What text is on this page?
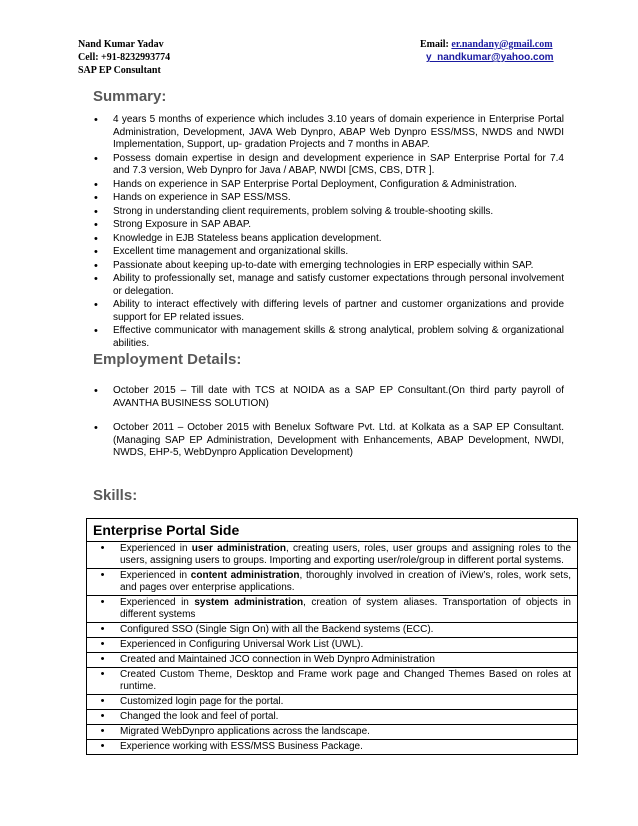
Nand Kumar Yadav
Cell: +91-8232993774
SAP EP Consultant
Email: er.nandany@gmail.com
y_nandkumar@yahoo.com
Summary:
• 4 years 5 months of experience which includes 3.10 years of domain experience in Enterprise Portal Administration, Development, JAVA Web Dynpro, ABAP Web Dynpro ESS/MSS, NWDS and NWDI Implementation, Support, up- gradation Projects and 7 months in ABAP.
• Possess domain expertise in design and development experience in SAP Enterprise Portal for 7.4 and 7.3 version, Web Dynpro for Java / ABAP, NWDI [CMS, CBS, DTR ].
• Hands on experience in SAP Enterprise Portal Deployment, Configuration & Administration.
• Hands on experience in SAP ESS/MSS.
• Strong in understanding client requirements, problem solving & trouble-shooting skills.
• Strong Exposure in SAP ABAP.
• Knowledge in EJB Stateless beans application development.
• Excellent time management and organizational skills.
• Passionate about keeping up-to-date with emerging technologies in ERP especially within SAP.
• Ability to professionally set, manage and satisfy customer expectations through personal involvement or delegation.
• Ability to interact effectively with differing levels of partner and customer organizations and provide support for EP related issues.
• Effective communicator with management skills & strong analytical, problem solving & organizational abilities.
Employment Details:
• October 2015 – Till date with TCS at NOIDA as a SAP EP Consultant.(On third party payroll of AVANTHA BUSINESS SOLUTION)
• October 2011 – October 2015 with Benelux Software Pvt. Ltd. at Kolkata as a SAP EP Consultant.(Managing SAP EP Administration, Development with Enhancements, ABAP Development, NWDI, NWDS, EHP-5, WebDynpro Application Development)
Skills:
Enterprise Portal Side	
•	Experienced in user administration, creating users, roles, user groups and assigning roles to the users, assigning users to groups. Importing and exporting user/role/group in different portal systems.
•	Experienced in content administration, thoroughly involved in creation of iView’s, roles, work sets, and pages over enterprise applications.
•	Experienced in system administration, creation of system aliases. Transportation of objects in different systems
•	Configured SSO (Single Sign On) with all the Backend systems (ECC).
•	Experienced in Configuring Universal Work List (UWL).
•	Created and Maintained JCO connection in Web Dynpro Administration
•	Created Custom Theme, Desktop and Frame work page and Changed Themes Based on roles at runtime.
•	Customized login page for the portal.
•	Changed the look and feel of portal.
•	Migrated WebDynpro applications across the landscape.
•	Experience working with ESS/MSS Business Package.
